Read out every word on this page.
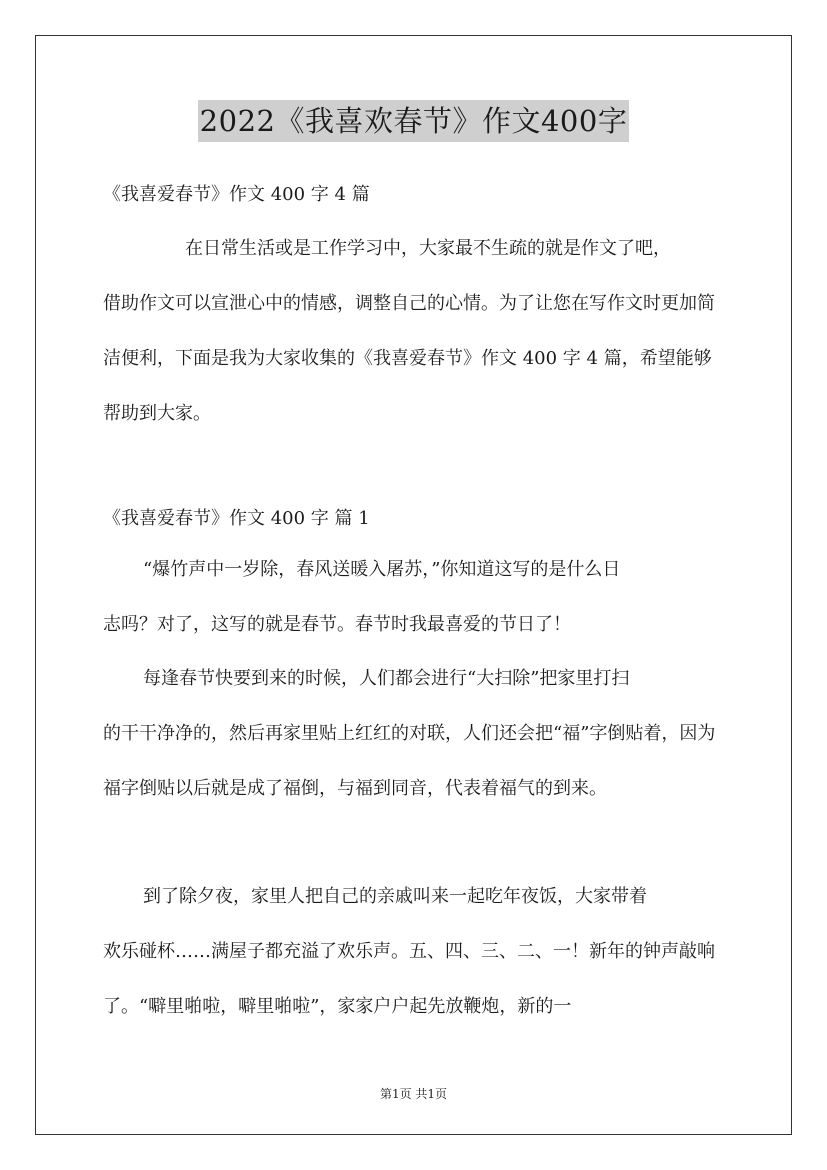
2022《我喜欢春节》作文400字
《我喜爱春节》作文 400 字 4 篇

在日常生活或是工作学习中，大家最不生疏的就是作文了吧，
借助作文可以宣泄心中的情感，调整自己的心情。为了让您在写作文时更加简洁便利，下面是我为大家收集的《我喜爱春节》作文 400 字 4 篇，希望能够帮助到大家。

《我喜爱春节》作文 400 字 篇 1

“爆竹声中一岁除，春风送暖入屠苏，”你知道这写的是什么日
志吗？对了，这写的就是春节。春节时我最喜爱的节日了！

每逢春节快要到来的时候，人们都会进行“大扫除”把家里打扫
的干干净净的，然后再家里贴上红红的对联，人们还会把“福”字倒贴着，因为福字倒贴以后就是成了福倒，与福到同音，代表着福气的到来。

到了除夕夜，家里人把自己的亲戚叫来一起吃年夜饭，大家带着
欢乐碰杯……满屋子都充溢了欢乐声。五、四、三、二、一！新年的钟声敲响了。“噼里啪啦，噼里啪啦”，家家户户起先放鞭炮，新的一

第1页 共1页
